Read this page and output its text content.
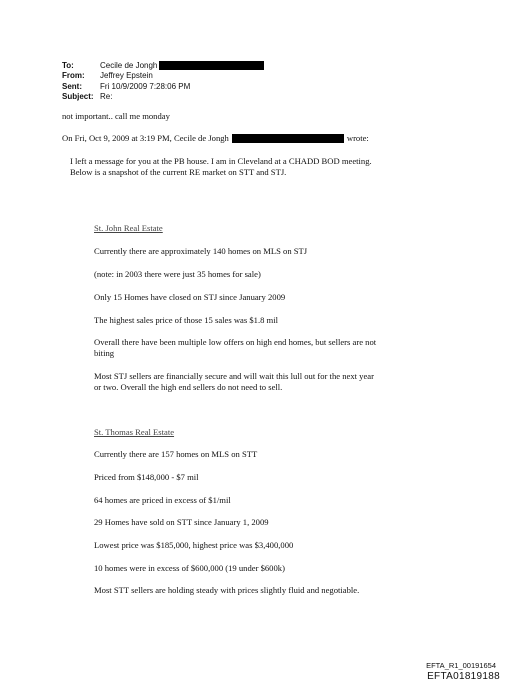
To:	Cecile de Jongh
From:	Jeffrey Epstein
Sent:	Fri 10/9/2009 7:28:06 PM
Subject: Re:
not important.. call me monday
On Fri, Oct 9, 2009 at 3:19 PM, Cecile de Jongh	wrote:
I left a message for you at the PB house. I am in Cleveland at a CHADD BOD meeting.
Below is a snapshot of the current RE market on STT and STJ.
St. John Real Estate
Currently there are approximately 140 homes on MLS on STJ
(note: in 2003 there were just 35 homes for sale)
Only 15 Homes have closed on STJ since January 2009
The highest sales price of those 15 sales was $1.8 mil
Overall there have been multiple low offers on high end homes, but sellers are not
biting
Most STJ sellers are financially secure and will wait this lull out for the next year
or two. Overall the high end sellers do not need to sell.
St. Thomas Real Estate
Currently there are 157 homes on MLS on STT
Priced from $148,000 - $7 mil
64 homes are priced in excess of $1/mil
29 Homes have sold on STT since January 1, 2009
Lowest price was $185,000, highest price was $3,400,000
10 homes were in excess of $600,000 (19 under $600k)
Most STT sellers are holding steady with prices slightly fluid and negotiable.
EFTA_R1_00191654
EFTA01819188
